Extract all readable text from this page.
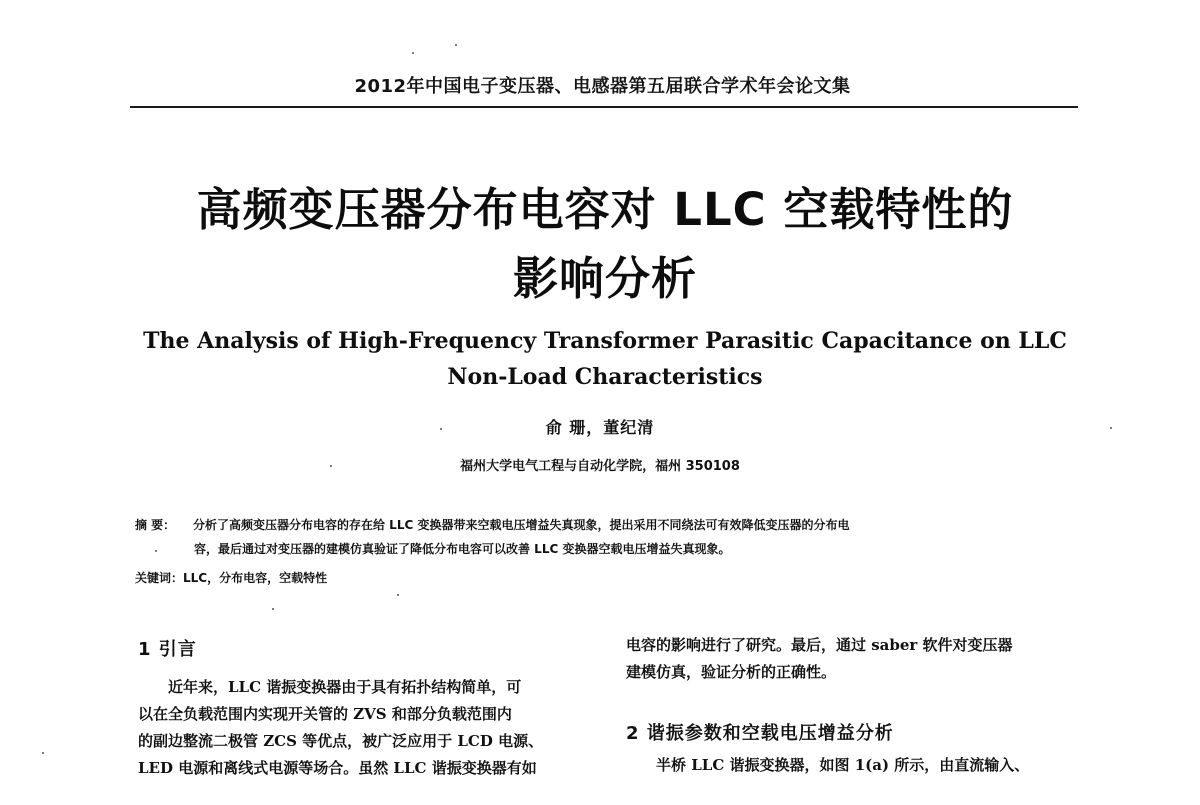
2012年中国电子变压器、电感器第五届联合学术年会论文集
高频变压器分布电容对 LLC 空载特性的
影响分析
The Analysis of High-Frequency Transformer Parasitic Capacitance on LLC
Non-Load Characteristics
俞 珊，董纪清
福州大学电气工程与自动化学院，福州 350108
摘 要： 分析了高频变压器分布电容的存在给 LLC 变换器带来空载电压增益失真现象，提出采用不同绕法可有效降低变压器的分布电
容，最后通过对变压器的建模仿真验证了降低分布电容可以改善 LLC 变换器空载电压增益失真现象。
关键词：LLC，分布电容，空载特性
1 引言
近年来，LLC 谐振变换器由于具有拓扑结构简单，可
以在全负载范围内实现开关管的 ZVS 和部分负载范围内
的副边整流二极管 ZCS 等优点，被广泛应用于 LCD 电源、
LED 电源和离线式电源等场合。虽然 LLC 谐振变换器有如
电容的影响进行了研究。最后，通过 saber 软件对变压器
建模仿真，验证分析的正确性。
2 谐振参数和空载电压增益分析
半桥 LLC 谐振变换器，如图 1(a) 所示，由直流输入、
